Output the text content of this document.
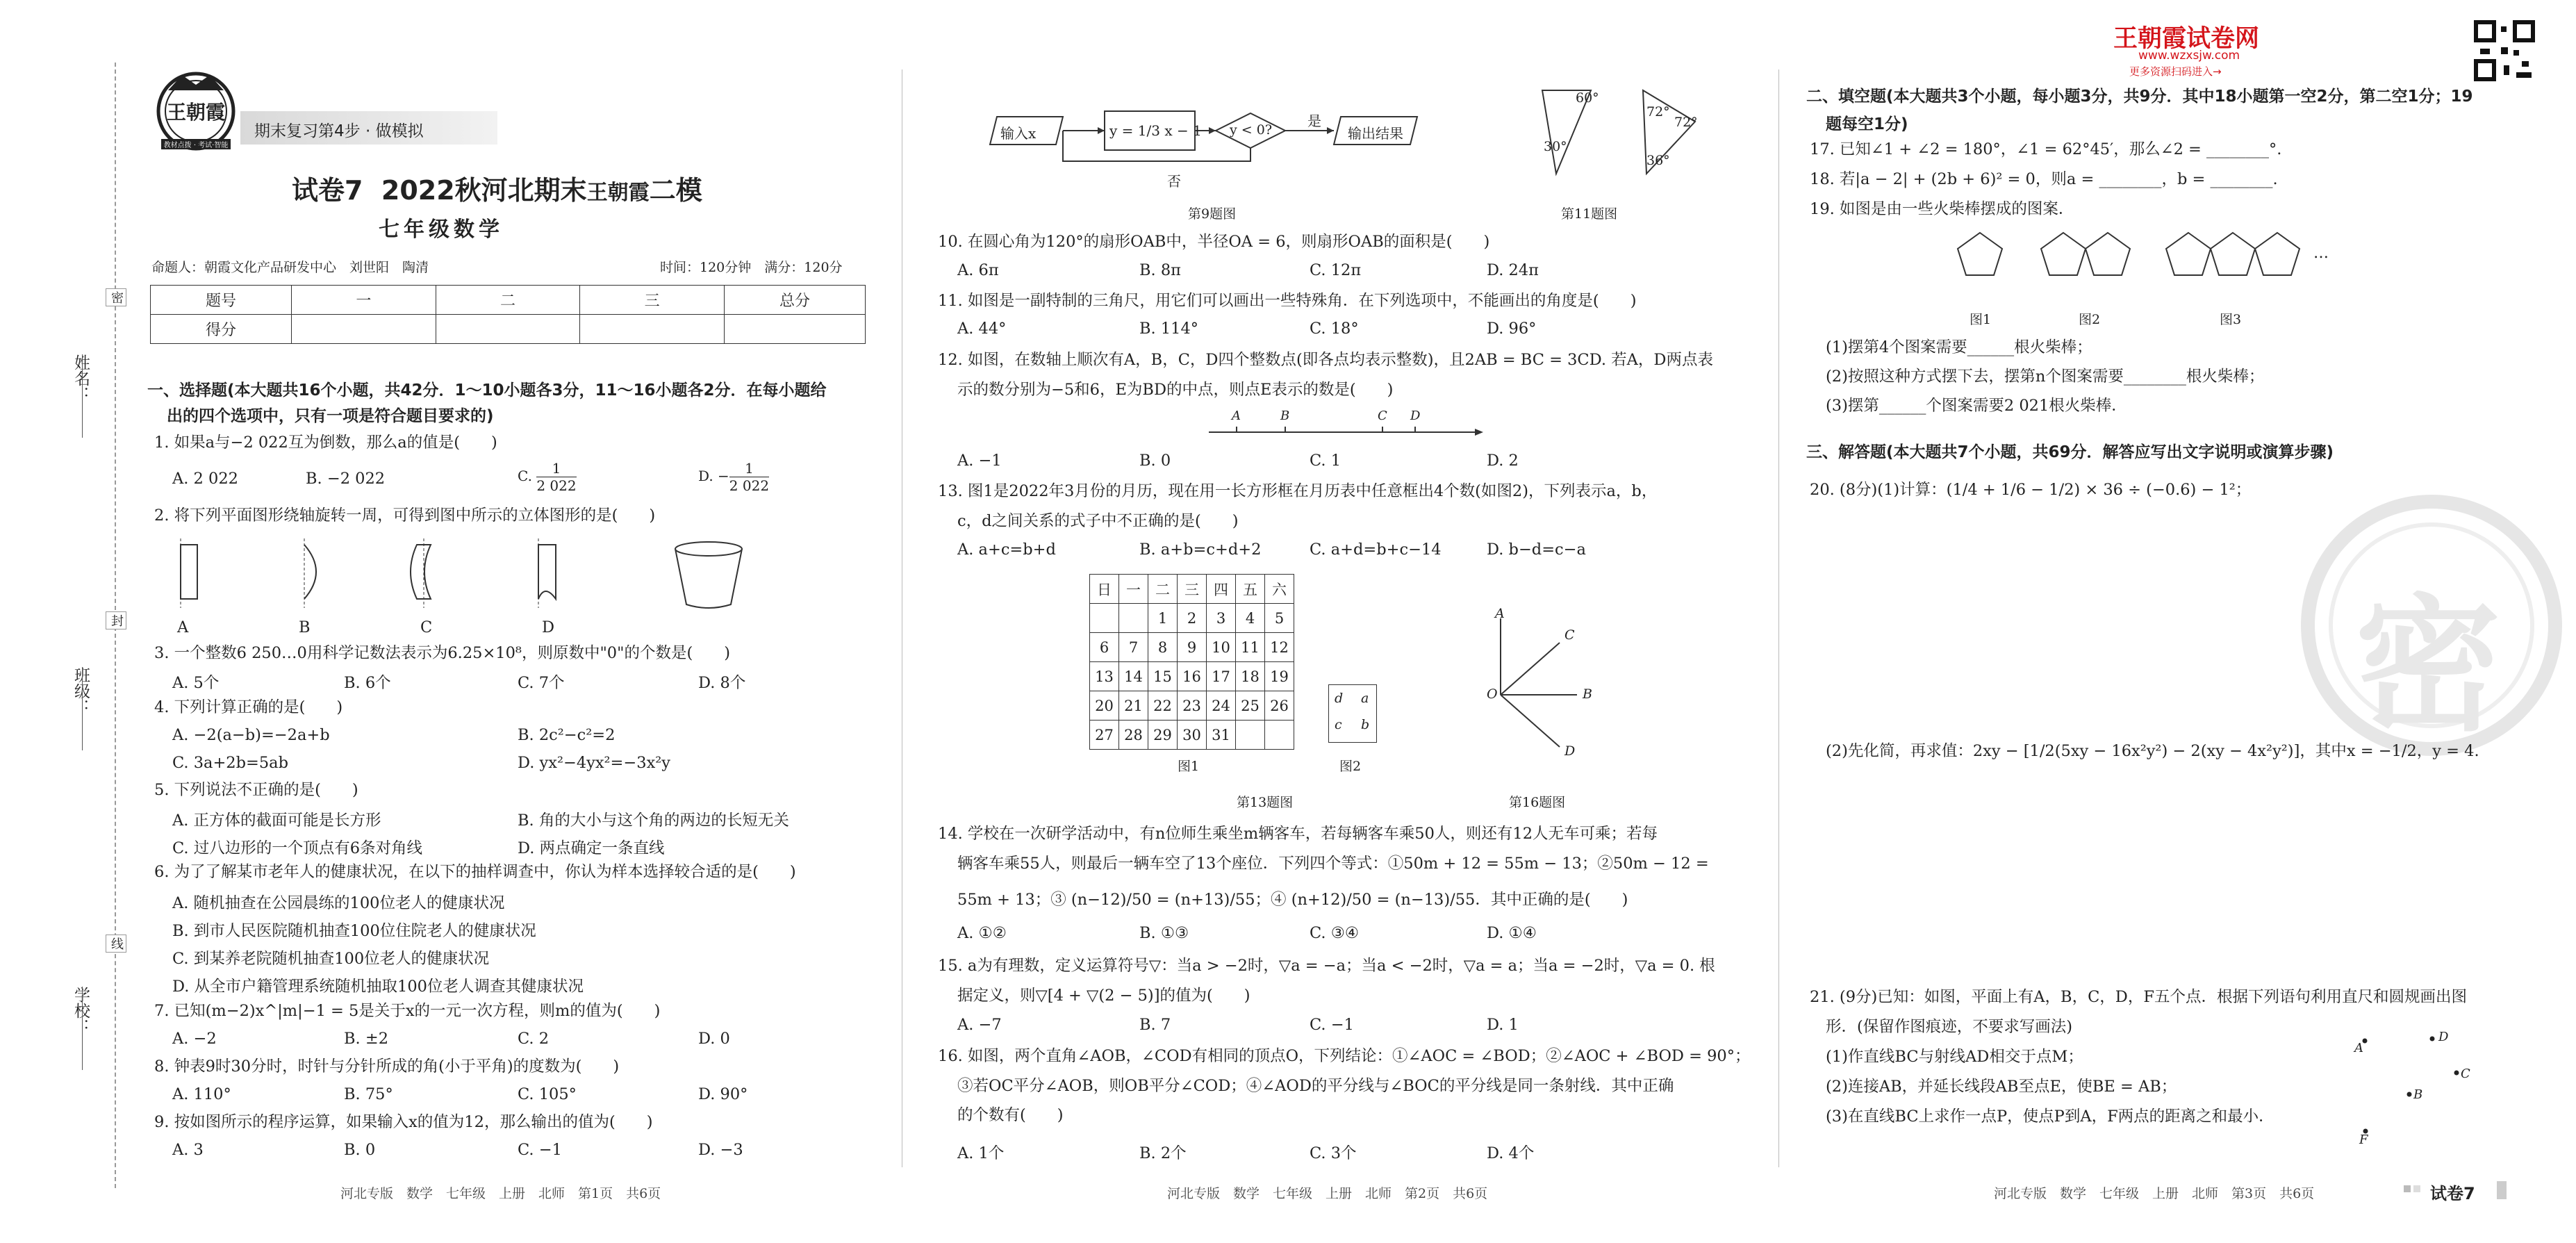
姓名：
班级：
学校：
密
封
线
王朝霞
教材点拨 · 考试·智能
期末复习第4步 · 做模拟
试卷7 2022秋河北期末王朝霞二模
七年级数学
命题人：朝霞文化产品研发中心　刘世阳　陶清	时间：120分钟　满分：120分
题号	一	二	三	总分
得分				
一、选择题(本大题共16个小题，共42分．1～10小题各3分，11～16小题各2分．在每小题给
出的四个选项中，只有一项是符合题目要求的)
1. 如果a与−2 022互为倒数，那么a的值是(　　)
A. 2 022	B. −2 022	C. $\frac{1}{2 022}$	D. − $\frac{1}{2 022}$
2. 将下列平面图形绕轴旋转一周，可得到图中所示的立体图形的是(　　)
A	B	C	D
3. 一个整数6 250…0用科学记数法表示为6.25×10⁸，则原数中"0"的个数是(　　)
A. 5个	B. 6个	C. 7个	D. 8个
4. 下列计算正确的是(　　)
A. −2(a−b)=−2a+b	B. 2c²−c²=2
C. 3a+2b=5ab	D. yx²−4yx²=−3x²y
5. 下列说法不正确的是(　　)
A. 正方体的截面可能是长方形	B. 角的大小与这个角的两边的长短无关
C. 过八边形的一个顶点有6条对角线	D. 两点确定一条直线
6. 为了了解某市老年人的健康状况，在以下的抽样调查中，你认为样本选择较合适的是(　　)
A. 随机抽查在公园晨练的100位老人的健康状况
B. 到市人民医院随机抽查100位住院老人的健康状况
C. 到某养老院随机抽查100位老人的健康状况
D. 从全市户籍管理系统随机抽取100位老人调查其健康状况
7. 已知(m−2)x^|m|−1 = 5是关于x的一元一次方程，则m的值为(　　)
A. −2	B. ±2	C. 2	D. 0
8. 钟表9时30分时，时针与分针所成的角(小于平角)的度数为(　　)
A. 110°	B. 75°	C. 105°	D. 90°
9. 按如图所示的程序运算，如果输入x的值为12，那么输出的值为(　　)
A. 3	B. 0	C. −1	D. −3
河北专版　数学　七年级　上册　北师　第1页　共6页
输入x	y = 1/3 x − 1 y < 0?
是
输出结果
否
第9题图
60°
30°
72°
72°
36°
第11题图
10. 在圆心角为120°的扇形OAB中，半径OA = 6，则扇形OAB的面积是(　　)
A. 6π	B. 8π	C. 12π	D. 24π
11. 如图是一副特制的三角尺，用它们可以画出一些特殊角．在下列选项中，不能画出的角度是(　　)
A. 44°	B. 114°	C. 18°	D. 96°
12. 如图，在数轴上顺次有A，B，C，D四个整数点(即各点均表示整数)，且2AB = BC = 3CD. 若A，D两点表
示的数分别为−5和6，E为BD的中点，则点E表示的数是(　　)
A	B	C D
A. −1	B. 0	C. 1	D. 2
13. 图1是2022年3月份的月历，现在用一长方形框在月历表中任意框出4个数(如图2)，下列表示a，b，
c，d之间关系的式子中不正确的是(　　)
A. a+c=b+d	B. a+b=c+d+2	C. a+d=b+c−14	D. b−d=c−a
日	一	二	三	四	五	六
		1	2	3	4	5
6	7	8	9	10	11	12
13	14	15	16	17	18	19
20	21	22	23	24	25	26
27	28	29	30	31		
d a
c b
图1	图2
第13题图
A
C
O	B
D
第16题图
14. 学校在一次研学活动中，有n位师生乘坐m辆客车，若每辆客车乘50人，则还有12人无车可乘；若每
辆客车乘55人，则最后一辆车空了13个座位．下列四个等式：①50m + 12 = 55m − 13；②50m − 12 =
55m + 13；③ (n−12)/50 = (n+13)/55；④ (n+12)/50 = (n−13)/55．其中正确的是(　　)
A. ①②	B. ①③	C. ③④	D. ①④
15. a为有理数，定义运算符号▽：当a > −2时，▽a = −a；当a < −2时，▽a = a；当a = −2时，▽a = 0. 根
据定义，则▽[4 + ▽(2 − 5)]的值为(　　)
A. −7	B. 7	C. −1	D. 1
16. 如图，两个直角∠AOB，∠COD有相同的顶点O，下列结论：①∠AOC = ∠BOD；②∠AOC + ∠BOD = 90°；
③若OC平分∠AOB，则OB平分∠COD；④∠AOD的平分线与∠BOC的平分线是同一条射线．其中正确
的个数有(　　)
A. 1个	B. 2个	C. 3个	D. 4个
河北专版　数学　七年级　上册　北师　第2页　共6页
王朝霞试卷网
www.wzxsjw.com
更多资源扫码进入→
二、填空题(本大题共3个小题，每小题3分，共9分．其中18小题第一空2分，第二空1分；19
题每空1分)
17. 已知∠1 + ∠2 = 180°，∠1 = 62°45′，那么∠2 = ________°.
18. 若|a − 2| + (2b + 6)² = 0，则a = ________，b = ________.
19. 如图是由一些火柴棒摆成的图案．
…
图1	图2	图3
(1)摆第4个图案需要______根火柴棒；
(2)按照这种方式摆下去，摆第n个图案需要________根火柴棒；
(3)摆第______个图案需要2 021根火柴棒．
三、解答题(本大题共7个小题，共69分．解答应写出文字说明或演算步骤)
20. (8分)(1)计算：(1/4 + 1/6 − 1/2) × 36 ÷ (−0.6) − 1²；
密
(2)先化简，再求值：2xy − [1/2(5xy − 16x²y²) − 2(xy − 4x²y²)]，其中x = −1/2，y = 4.
21. (9分)已知：如图，平面上有A，B，C，D，F五个点．根据下列语句利用直尺和圆规画出图
形．(保留作图痕迹，不要求写画法)
(1)作直线BC与射线AD相交于点M；
(2)连接AB，并延长线段AB至点E，使BE = AB；
(3)在直线BC上求作一点P，使点P到A，F两点的距离之和最小．
A
D
C
B
F
河北专版　数学　七年级　上册　北师　第3页　共6页	试卷7
